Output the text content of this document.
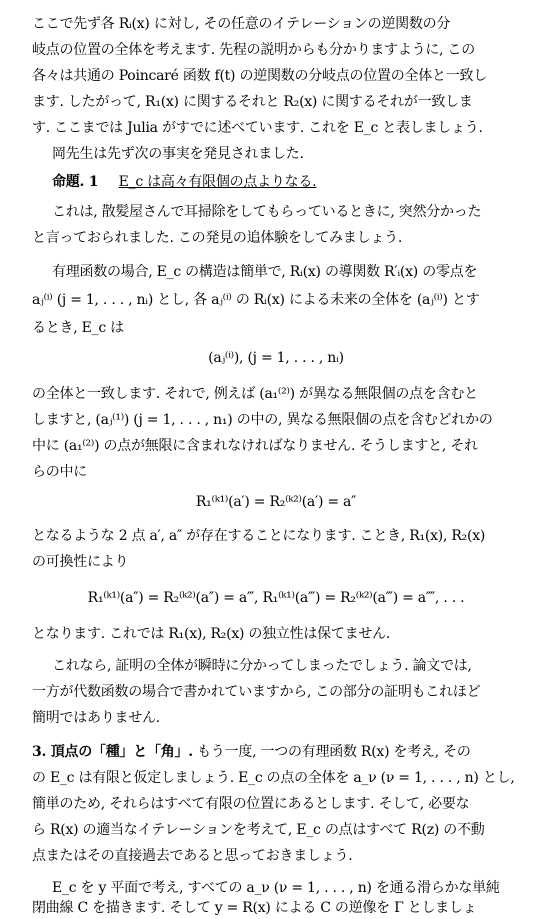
ここで先ず各 Rᵢ(x) に対し, その任意のイテレーションの逆関数の分
岐点の位置の全体を考えます. 先程の説明からも分かりますように, この
各々は共通の Poincaré 函数 f(t) の逆関数の分岐点の位置の全体と一致し
ます. したがって, R₁(x) に関するそれと R₂(x) に関するそれが一致しま
す. ここまでは Julia がすでに述べています. これを E_c と表しましょう.
岡先生は先ず次の事実を発見されました.
命題. 1 E_c は高々有限個の点よりなる.
これは, 散髪屋さんで耳掃除をしてもらっているときに, 突然分かった
と言っておられました. この発見の追体験をしてみましょう.
有理函数の場合, E_c の構造は簡単で, Rᵢ(x) の導関数 R′ᵢ(x) の零点を
aⱼ⁽ⁱ⁾ (j = 1, . . . , nᵢ) とし, 各 aⱼ⁽ⁱ⁾ の Rᵢ(x) による未来の全体を (aⱼ⁽ⁱ⁾) とす
るとき, E_c は
(aⱼ⁽ⁱ⁾), (j = 1, . . . , nᵢ)
の全体と一致します. それで, 例えば (a₁⁽²⁾) が異なる無限個の点を含むと
しますと, (aⱼ⁽¹⁾) (j = 1, . . . , n₁) の中の, 異なる無限個の点を含むどれかの
中に (a₁⁽²⁾) の点が無限に含まれなければなりません. そうしますと, それ
らの中に
R₁⁽ᵏ¹⁾(a′) = R₂⁽ᵏ²⁾(a′) = a″
となるような 2 点 a′, a″ が存在することになります. ことき, R₁(x), R₂(x)
の可換性により
R₁⁽ᵏ¹⁾(a″) = R₂⁽ᵏ²⁾(a″) = a‴, R₁⁽ᵏ¹⁾(a‴) = R₂⁽ᵏ²⁾(a‴) = a⁗, . . .
となります. これでは R₁(x), R₂(x) の独立性は保てません.
これなら, 証明の全体が瞬時に分かってしまったでしょう. 論文では,
一方が代数函数の場合で書かれていますから, この部分の証明もこれほど
簡明ではありません.
3. 頂点の「種」と「角」. もう一度, 一つの有理函数 R(x) を考え, その
の E_c は有限と仮定しましょう. E_c の点の全体を a_ν (ν = 1, . . . , n) とし,
簡単のため, それらはすべて有限の位置にあるとします. そして, 必要な
ら R(x) の適当なイテレーションを考えて, E_c の点はすべて R(z) の不動
点またはその直接過去であると思っておきましょう.
E_c を y 平面で考え, すべての a_ν (ν = 1, . . . , n) を通る滑らかな単純
閉曲線 C を描きます. そして y = R(x) による C の逆像を Γ としましょ
